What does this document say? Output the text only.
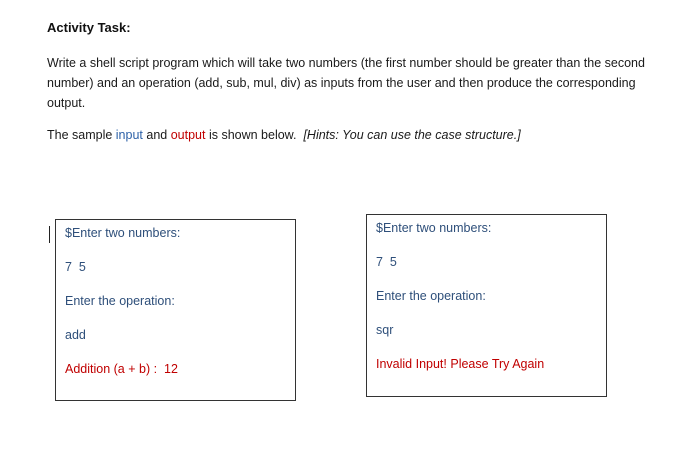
Activity Task:
Write a shell script program which will take two numbers (the first number should be greater than the second number) and an operation (add, sub, mul, div) as inputs from the user and then produce the corresponding output.
The sample input and output is shown below.  [Hints: You can use the case structure.]
$Enter two numbers:
7  5
Enter the operation:
add
Addition (a + b) :  12
$Enter two numbers:
7  5
Enter the operation:
sqr
Invalid Input! Please Try Again
